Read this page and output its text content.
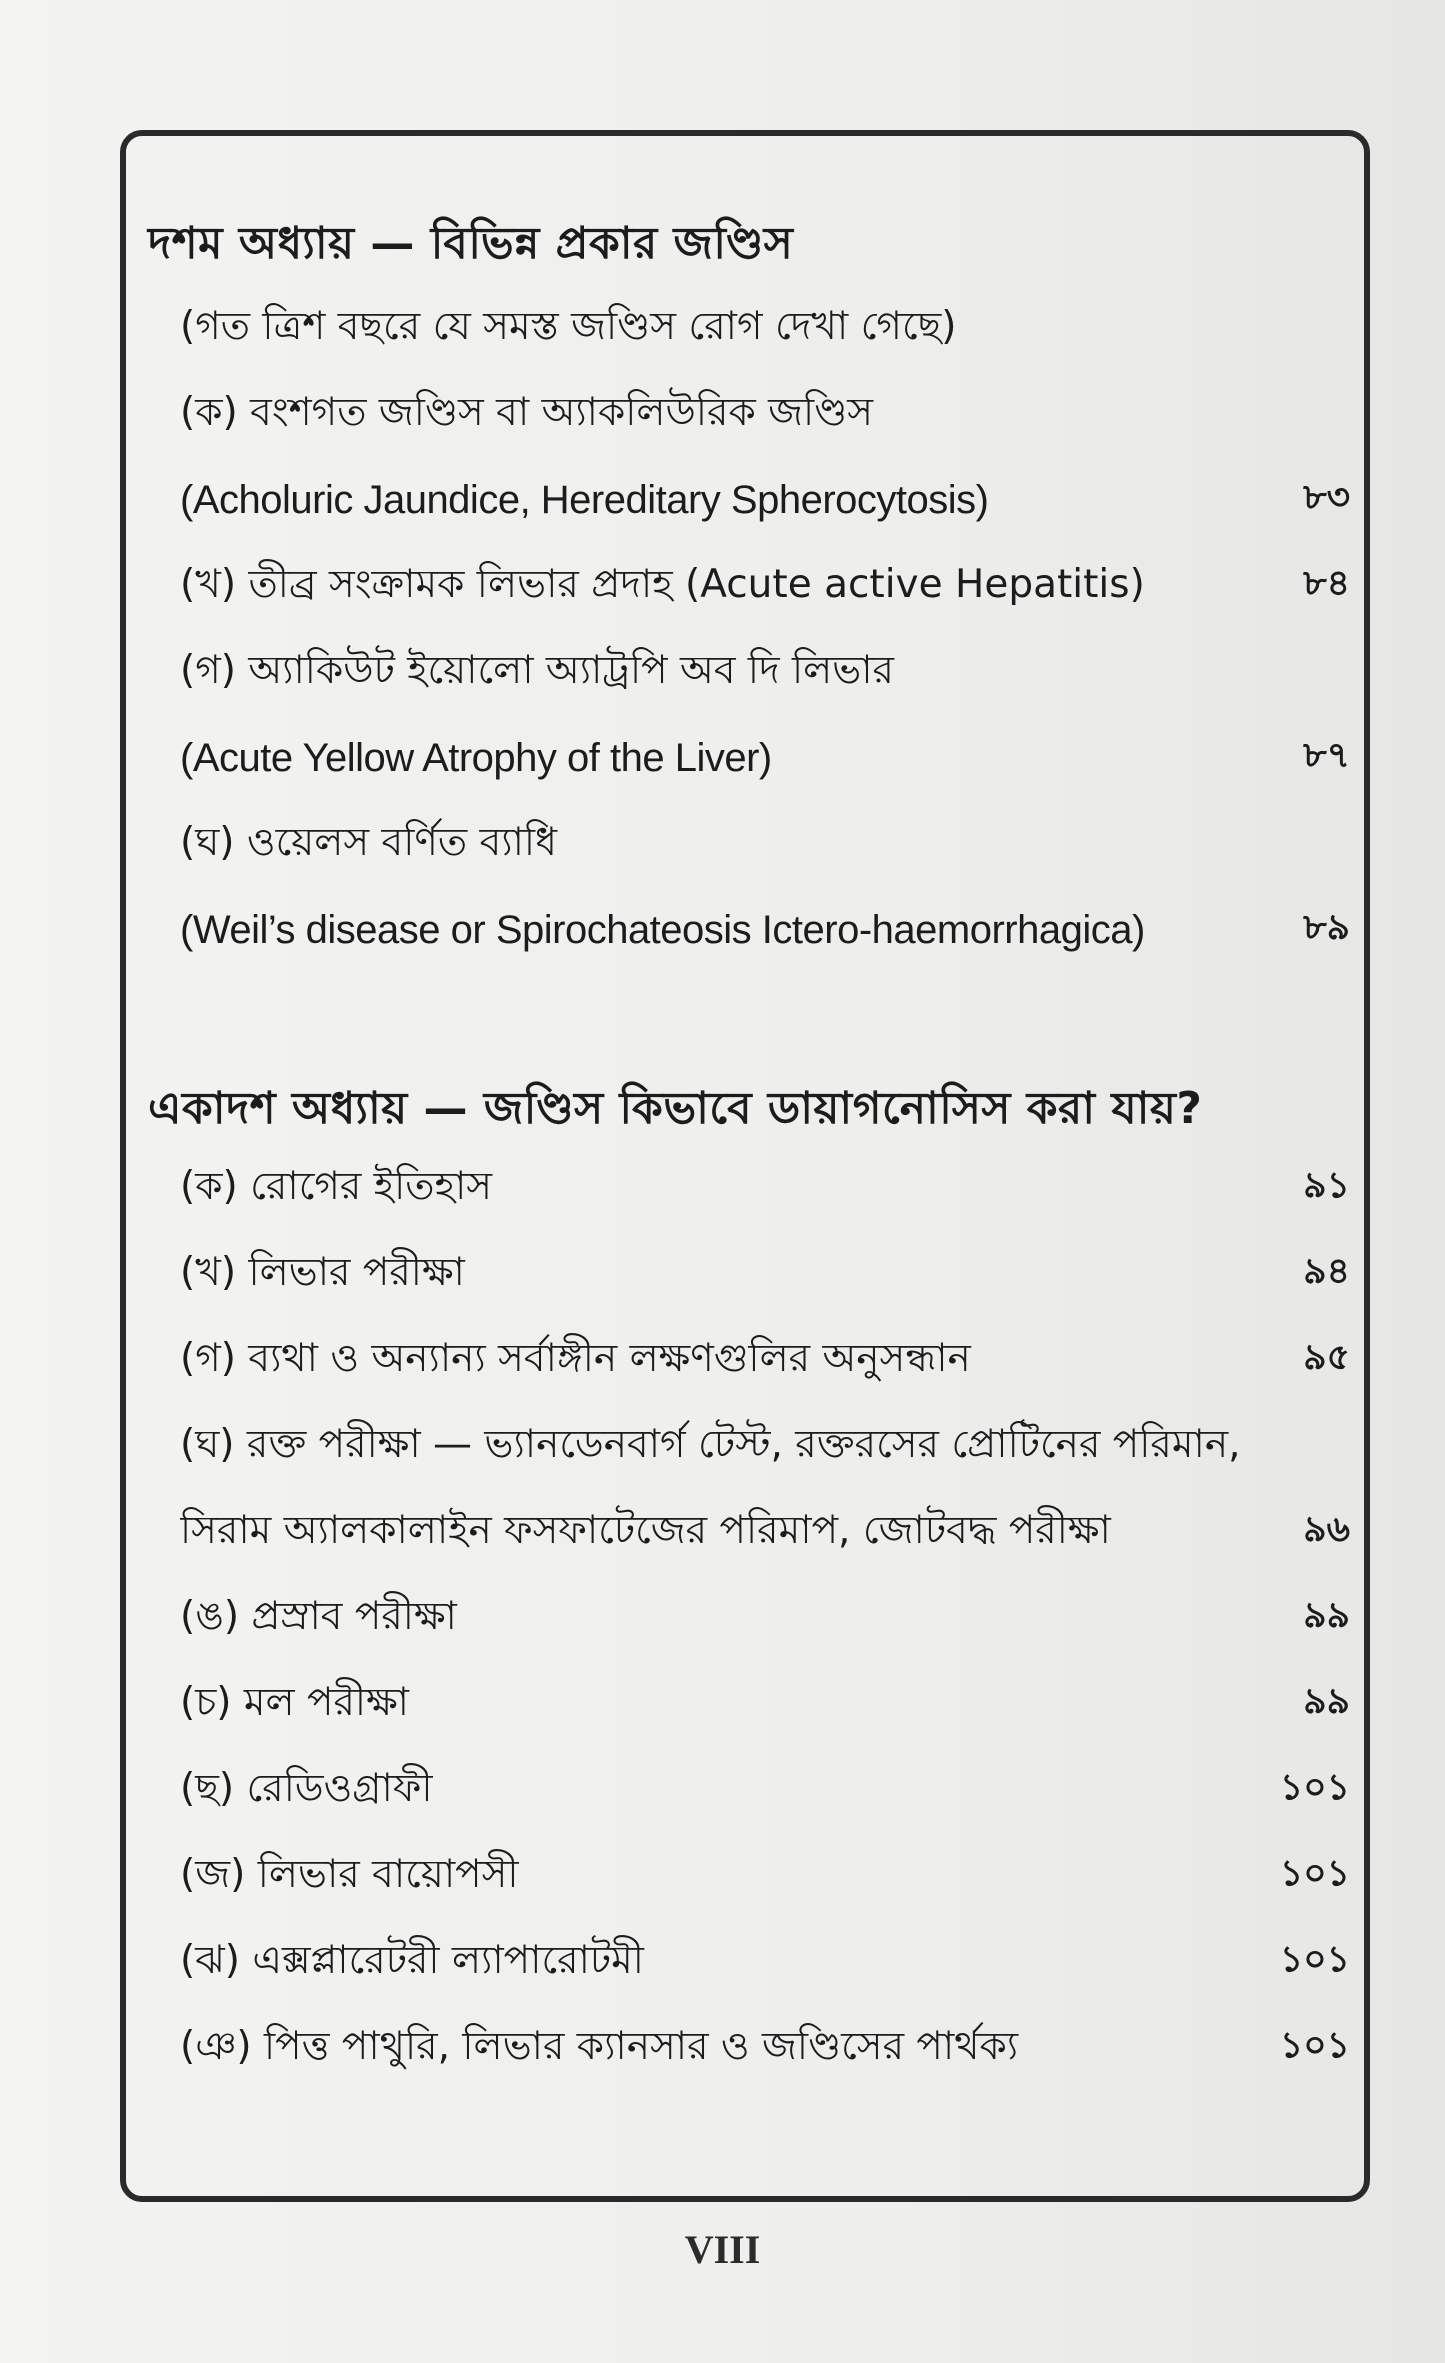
দশম অধ্যায় — বিভিন্ন প্রকার জণ্ডিস
(গত ত্রিশ বছরে যে সমস্ত জণ্ডিস রোগ দেখা গেছে)
(ক) বংশগত জণ্ডিস বা অ্যাকলিউরিক জণ্ডিস
(Acholuric Jaundice, Hereditary Spherocytosis)	৮৩
(খ) তীব্র সংক্রামক লিভার প্রদাহ (Acute active Hepatitis)	৮৪
(গ) অ্যাকিউট ইয়োলো অ্যাট্রপি অব দি লিভার
(Acute Yellow Atrophy of the Liver)	৮৭
(ঘ) ওয়েলস বর্ণিত ব্যাধি
(Weil’s disease or Spirochateosis Ictero-haemorrhagica)	৮৯
একাদশ অধ্যায় — জণ্ডিস কিভাবে ডায়াগনোসিস করা যায়?
(ক) রোগের ইতিহাস	৯১
(খ) লিভার পরীক্ষা	৯৪
(গ) ব্যথা ও অন্যান্য সর্বাঙ্গীন লক্ষণগুলির অনুসন্ধান	৯৫
(ঘ) রক্ত পরীক্ষা — ভ্যানডেনবার্গ টেস্ট, রক্তরসের প্রোটিনের পরিমান,
সিরাম অ্যালকালাইন ফসফাটেজের পরিমাপ, জোটবদ্ধ পরীক্ষা	৯৬
(ঙ) প্রস্রাব পরীক্ষা	৯৯
(চ) মল পরীক্ষা	৯৯
(ছ) রেডিওগ্রাফী	১০১
(জ) লিভার বায়োপসী	১০১
(ঝ) এক্সপ্লারেটরী ল্যাপারোটমী	১০১
(ঞ) পিত্ত পাথুরি, লিভার ক্যানসার ও জণ্ডিসের পার্থক্য	১০১
VIII
